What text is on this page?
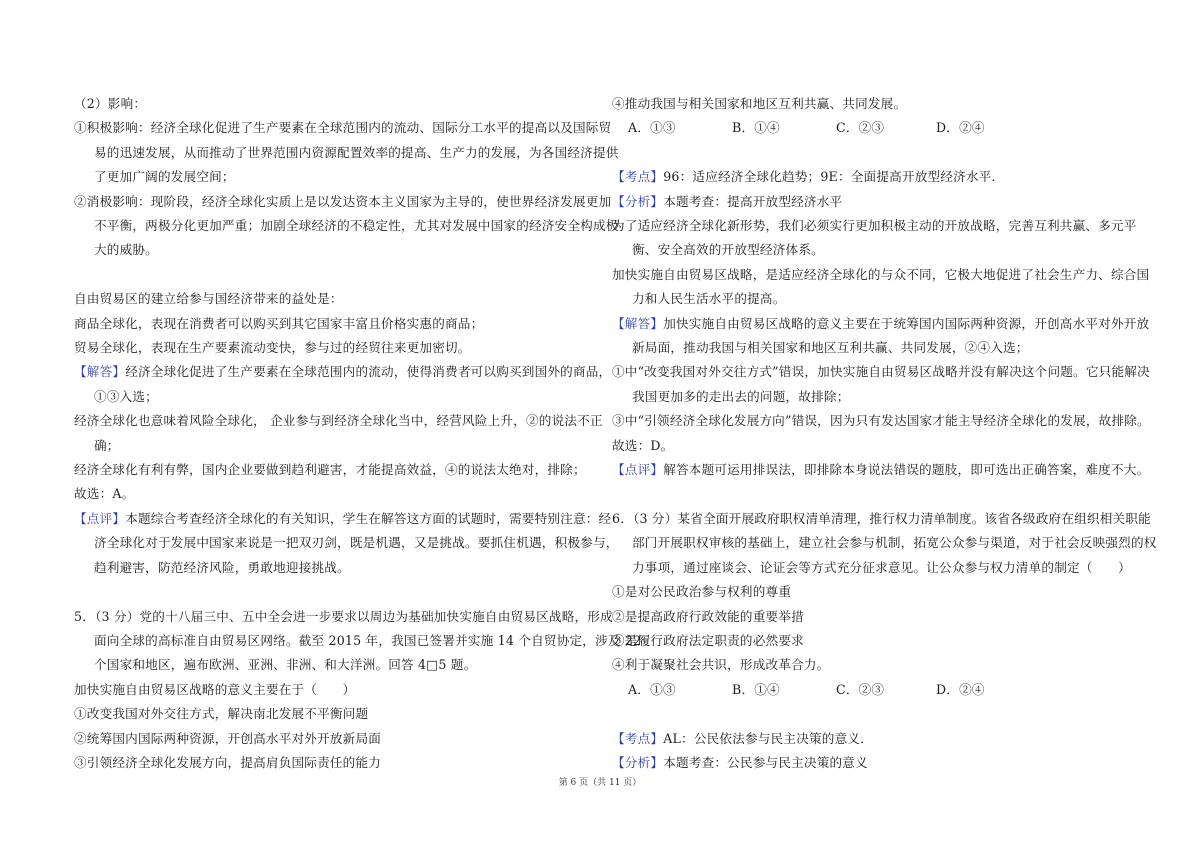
（2）影响：
①积极影响：经济全球化促进了生产要素在全球范围内的流动、国际分工水平的提高以及国际贸
易的迅速发展，从而推动了世界范围内资源配置效率的提高、生产力的发展，为各国经济提供
了更加广阔的发展空间；
②消极影响：现阶段，经济全球化实质上是以发达资本主义国家为主导的，使世界经济发展更加
不平衡，两极分化更加严重；加剧全球经济的不稳定性，尤其对发展中国家的经济安全构成极
大的威胁。
自由贸易区的建立给参与国经济带来的益处是：
商品全球化，表现在消费者可以购买到其它国家丰富且价格实惠的商品；
贸易全球化，表现在生产要素流动变快，参与过的经贸往来更加密切。
【解答】经济全球化促进了生产要素在全球范围内的流动，使得消费者可以购买到国外的商品，
①③入选；
经济全球化也意味着风险全球化， 企业参与到经济全球化当中，经营风险上升，②的说法不正
确；
经济全球化有利有弊，国内企业要做到趋利避害，才能提高效益，④的说法太绝对，排除；
故选：A。
【点评】本题综合考查经济全球化的有关知识，学生在解答这方面的试题时，需要特别注意：经
济全球化对于发展中国家来说是一把双刃剑，既是机遇，又是挑战。要抓住机遇，积极参与，
趋利避害，防范经济风险，勇敢地迎接挑战。
5．（3 分）党的十八届三中、五中全会进一步要求以周边为基础加快实施自由贸易区战略，形成
面向全球的高标准自由贸易区网络。截至 2015 年，我国已签署并实施 14 个自贸协定，涉及 22
个国家和地区，遍布欧洲、亚洲、非洲、和大洋洲。回答 4□5 题。
加快实施自由贸易区战略的意义主要在于（　　）
①改变我国对外交往方式，解决南北发展不平衡问题
②统筹国内国际两种资源，开创高水平对外开放新局面
③引领经济全球化发展方向，提高肩负国际责任的能力
④推动我国与相关国家和地区互利共赢、共同发展。
A．①③	B．①④	C．②③	D．②④
【考点】96：适应经济全球化趋势；9E：全面提高开放型经济水平．
【分析】本题考查：提高开放型经济水平
为了适应经济全球化新形势，我们必须实行更加积极主动的开放战略，完善互利共赢、多元平
衡、安全高效的开放型经济体系。
加快实施自由贸易区战略，是适应经济全球化的与众不同，它极大地促进了社会生产力、综合国
力和人民生活水平的提高。
【解答】加快实施自由贸易区战略的意义主要在于统筹国内国际两种资源，开创高水平对外开放
新局面，推动我国与相关国家和地区互利共赢、共同发展，②④入选；
①中“改变我国对外交往方式”错误，加快实施自由贸易区战略并没有解决这个问题。它只能解决
我国更加多的走出去的问题，故排除；
③中“引领经济全球化发展方向”错误，因为只有发达国家才能主导经济全球化的发展，故排除。
故选：D。
【点评】解答本题可运用排误法，即排除本身说法错误的题肢，即可选出正确答案，难度不大。
6．（3 分）某省全面开展政府职权清单清理，推行权力清单制度。该省各级政府在组织相关职能
部门开展职权审核的基础上，建立社会参与机制，拓宽公众参与渠道，对于社会反映强烈的权
力事项，通过座谈会、论证会等方式充分征求意见。让公众参与权力清单的制定（　　）
①是对公民政治参与权利的尊重
②是提高政府行政效能的重要举措
③是履行政府法定职责的必然要求
④利于凝聚社会共识，形成改革合力。
A．①③	B．①④	C．②③	D．②④
【考点】AL：公民依法参与民主决策的意义．
【分析】本题考查：公民参与民主决策的意义
第 6 页（共 11 页）
